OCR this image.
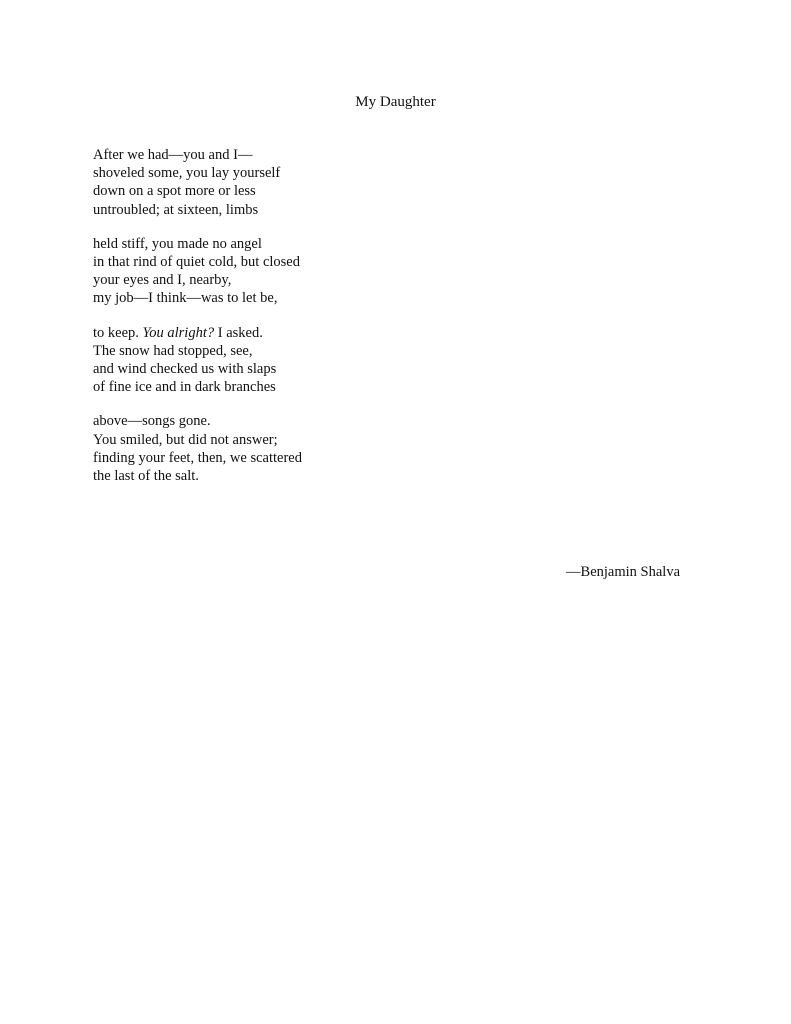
My Daughter
After we had—you and I—
shoveled some, you lay yourself
down on a spot more or less
untroubled; at sixteen, limbs
held stiff, you made no angel
in that rind of quiet cold, but closed
your eyes and I, nearby,
my job—I think—was to let be,
to keep. You alright? I asked.
The snow had stopped, see,
and wind checked us with slaps
of fine ice and in dark branches
above—songs gone.
You smiled, but did not answer;
finding your feet, then, we scattered
the last of the salt.
—Benjamin Shalva
